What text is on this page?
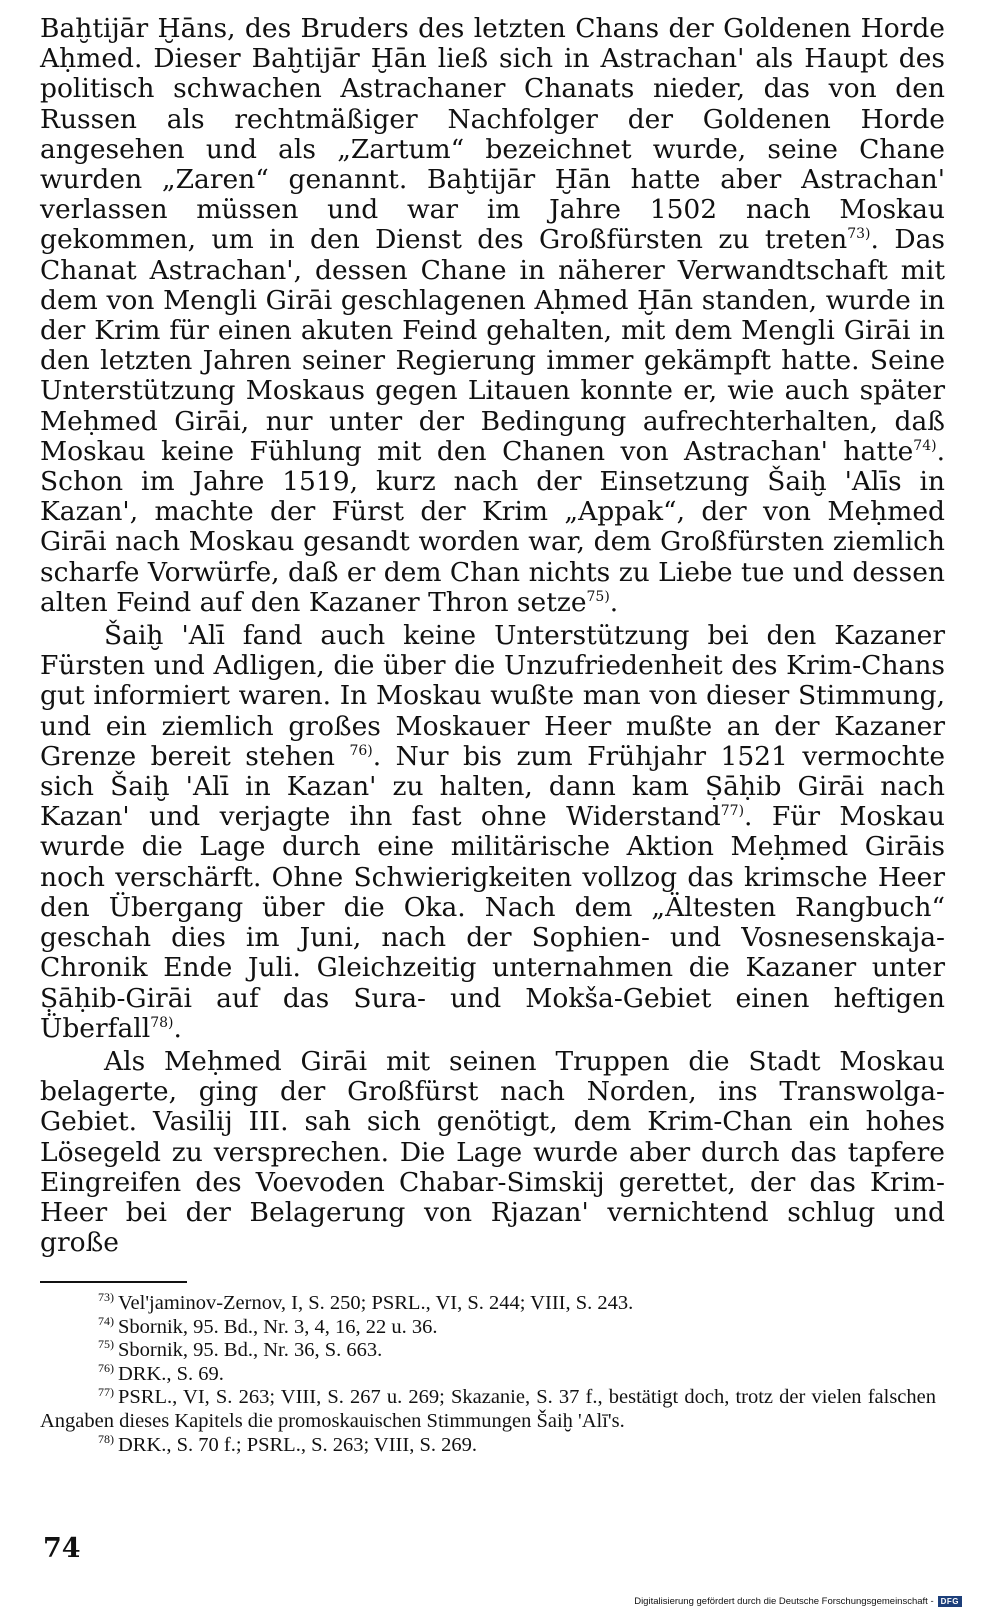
Baḫtijār Ḫāns, des Bruders des letzten Chans der Goldenen Horde Aḥmed. Dieser Baḫtijār Ḫān ließ sich in Astrachan' als Haupt des politisch schwachen Astrachaner Chanats nieder, das von den Russen als rechtmäßiger Nachfolger der Goldenen Horde angesehen und als „Zartum“ bezeichnet wurde, seine Chane wurden „Zaren“ genannt. Baḫtijār Ḫān hatte aber Astrachan' verlassen müssen und war im Jahre 1502 nach Moskau gekommen, um in den Dienst des Großfürsten zu treten$^{73)}$. Das Chanat Astrachan', dessen Chane in näherer Verwandtschaft mit dem von Mengli Girāi geschlagenen Aḥmed Ḫān standen, wurde in der Krim für einen akuten Feind gehalten, mit dem Mengli Girāi in den letzten Jahren seiner Regierung immer gekämpft hatte. Seine Unterstützung Moskaus gegen Litauen konnte er, wie auch später Meḥmed Girāi, nur unter der Bedingung aufrechterhalten, daß Moskau keine Fühlung mit den Chanen von Astrachan' hatte$^{74)}$. Schon im Jahre 1519, kurz nach der Einsetzung Šaiḫ 'Alīs in Kazan', machte der Fürst der Krim „Appak“, der von Meḥmed Girāi nach Moskau gesandt worden war, dem Großfürsten ziemlich scharfe Vorwürfe, daß er dem Chan nichts zu Liebe tue und dessen alten Feind auf den Kazaner Thron setze$^{75)}$.

Šaiḫ 'Alī fand auch keine Unterstützung bei den Kazaner Fürsten und Adligen, die über die Unzufriedenheit des Krim-Chans gut informiert waren. In Moskau wußte man von dieser Stimmung, und ein ziemlich großes Moskauer Heer mußte an der Kazaner Grenze bereit stehen $^{76)}$. Nur bis zum Frühjahr 1521 vermochte sich Šaiḫ 'Alī in Kazan' zu halten, dann kam Ṣāḥib Girāi nach Kazan' und verjagte ihn fast ohne Widerstand$^{77)}$. Für Moskau wurde die Lage durch eine militärische Aktion Meḥmed Girāis noch verschärft. Ohne Schwierigkeiten vollzog das krimsche Heer den Übergang über die Oka. Nach dem „Ältesten Rangbuch“ geschah dies im Juni, nach der Sophien- und Vosnesenskaja-Chronik Ende Juli. Gleichzeitig unternahmen die Kazaner unter Ṣāḥib-Girāi auf das Sura- und Mokša-Gebiet einen heftigen Überfall$^{78)}$.

Als Meḥmed Girāi mit seinen Truppen die Stadt Moskau belagerte, ging der Großfürst nach Norden, ins Transwolga-Gebiet. Vasilij III. sah sich genötigt, dem Krim-Chan ein hohes Lösegeld zu versprechen. Die Lage wurde aber durch das tapfere Eingreifen des Voevoden Chabar-Simskij gerettet, der das Krim-Heer bei der Belagerung von Rjazan' vernichtend schlug und große

$^{73)}$ Vel'jaminov-Zernov, I, S. 250; PSRL., VI, S. 244; VIII, S. 243.

$^{74)}$ Sbornik, 95. Bd., Nr. 3, 4, 16, 22 u. 36.

$^{75)}$ Sbornik, 95. Bd., Nr. 36, S. 663.

$^{76)}$ DRK., S. 69.

$^{77)}$ PSRL., VI, S. 263; VIII, S. 267 u. 269; Skazanie, S. 37 f., bestätigt doch, trotz der vielen falschen Angaben dieses Kapitels die promoskauischen Stimmungen Šaiḫ 'Alī's.

$^{78)}$ DRK., S. 70 f.; PSRL., S. 263; VIII, S. 269.

74
Digitalisierung gefördert durch die Deutsche Forschungsgemeinschaft - DFG
